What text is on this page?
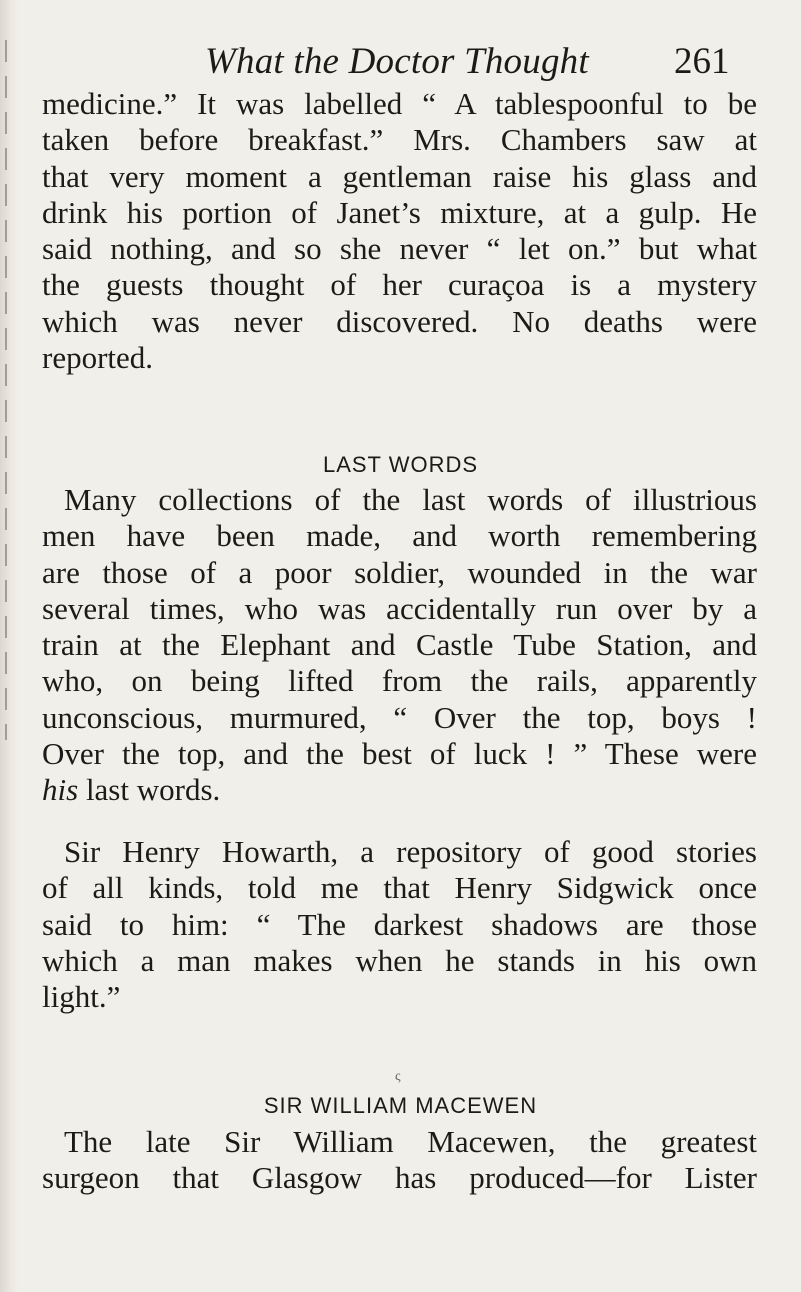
What the Doctor Thought 261
medicine.” It was labelled “ A tablespoonful to be
taken before breakfast.” Mrs. Chambers saw at
that very moment a gentleman raise his glass and
drink his portion of Janet’s mixture, at a gulp. He
said nothing, and so she never “ let on.” but what
the guests thought of her curaçoa is a mystery
which was never discovered. No deaths were
reported.
LAST WORDS
Many collections of the last words of illustrious
men have been made, and worth remembering
are those of a poor soldier, wounded in the war
several times, who was accidentally run over by a
train at the Elephant and Castle Tube Station, and
who, on being lifted from the rails, apparently
unconscious, murmured, “ Over the top, boys !
Over the top, and the best of luck ! ” These were
his last words.
Sir Henry Howarth, a repository of good stories
of all kinds, told me that Henry Sidgwick once
said to him: “ The darkest shadows are those
which a man makes when he stands in his own
light.”
ς
SIR WILLIAM MACEWEN
The late Sir William Macewen, the greatest
surgeon that Glasgow has produced—for Lister
